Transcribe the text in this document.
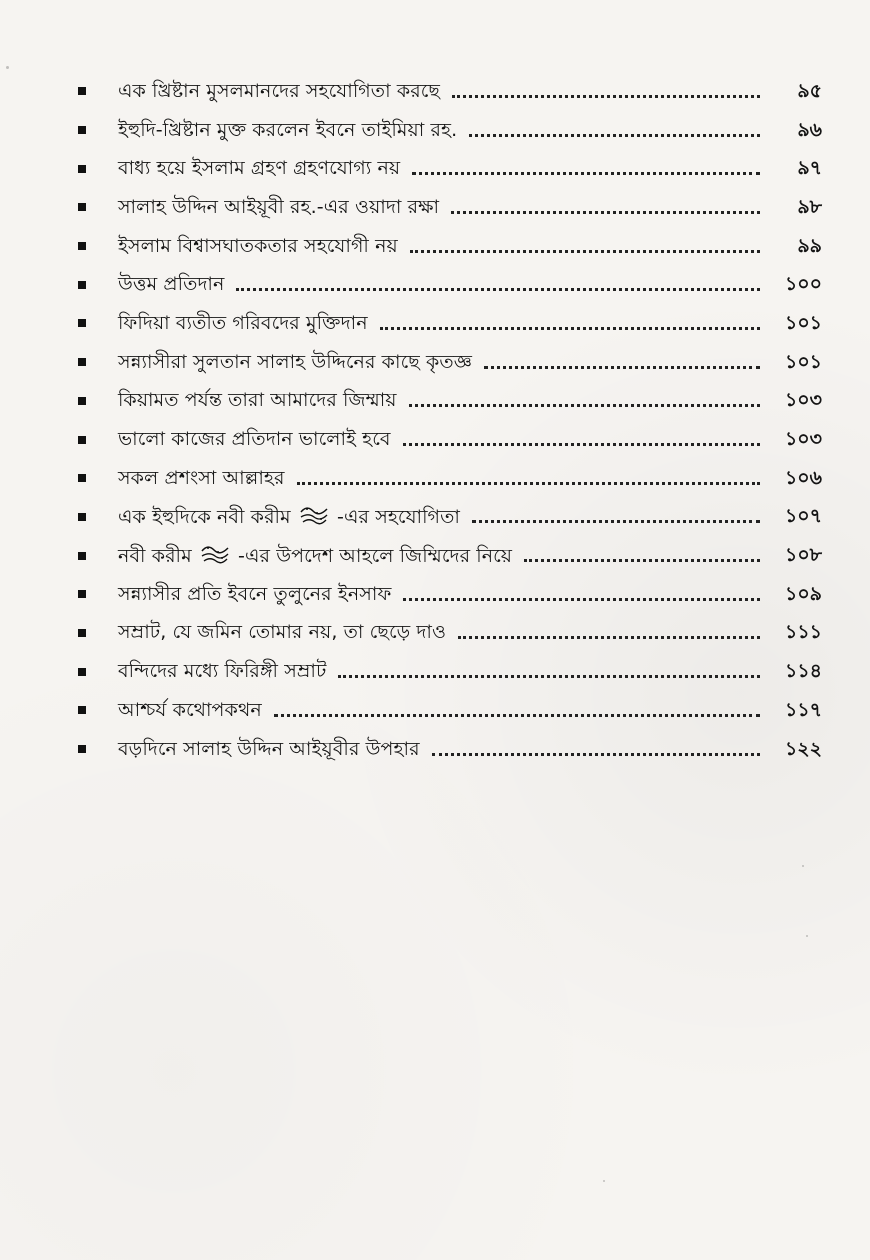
এক খ্রিষ্টান মুসলমানদের সহযোগিতা করছে	৯৫
ইহুদি-খ্রিষ্টান মুক্ত করলেন ইবনে তাইমিয়া রহ.	৯৬
বাধ্য হয়ে ইসলাম গ্রহণ গ্রহণযোগ্য নয়	৯৭
সালাহ উদ্দিন আইয়ূবী রহ.-এর ওয়াদা রক্ষা	৯৮
ইসলাম বিশ্বাসঘাতকতার সহযোগী নয়	৯৯
উত্তম প্রতিদান	১০০
ফিদিয়া ব্যতীত গরিবদের মুক্তিদান	১০১
সন্ন্যাসীরা সুলতান সালাহ উদ্দিনের কাছে কৃতজ্ঞ	১০১
কিয়ামত পর্যন্ত তারা আমাদের জিম্মায়	১০৩
ভালো কাজের প্রতিদান ভালোই হবে	১০৩
সকল প্রশংসা আল্লাহর	১০৬
এক ইহুদিকে নবী করীম -এর সহযোগিতা	১০৭
নবী করীম -এর উপদেশ আহলে জিম্মিদের নিয়ে	১০৮
সন্ন্যাসীর প্রতি ইবনে তুলুনের ইনসাফ	১০৯
সম্রাট, যে জমিন তোমার নয়, তা ছেড়ে দাও	১১১
বন্দিদের মধ্যে ফিরিঙ্গী সম্রাট	১১৪
আশ্চর্য কথোপকথন	১১৭
বড়দিনে সালাহ উদ্দিন আইয়ূবীর উপহার	১২২
